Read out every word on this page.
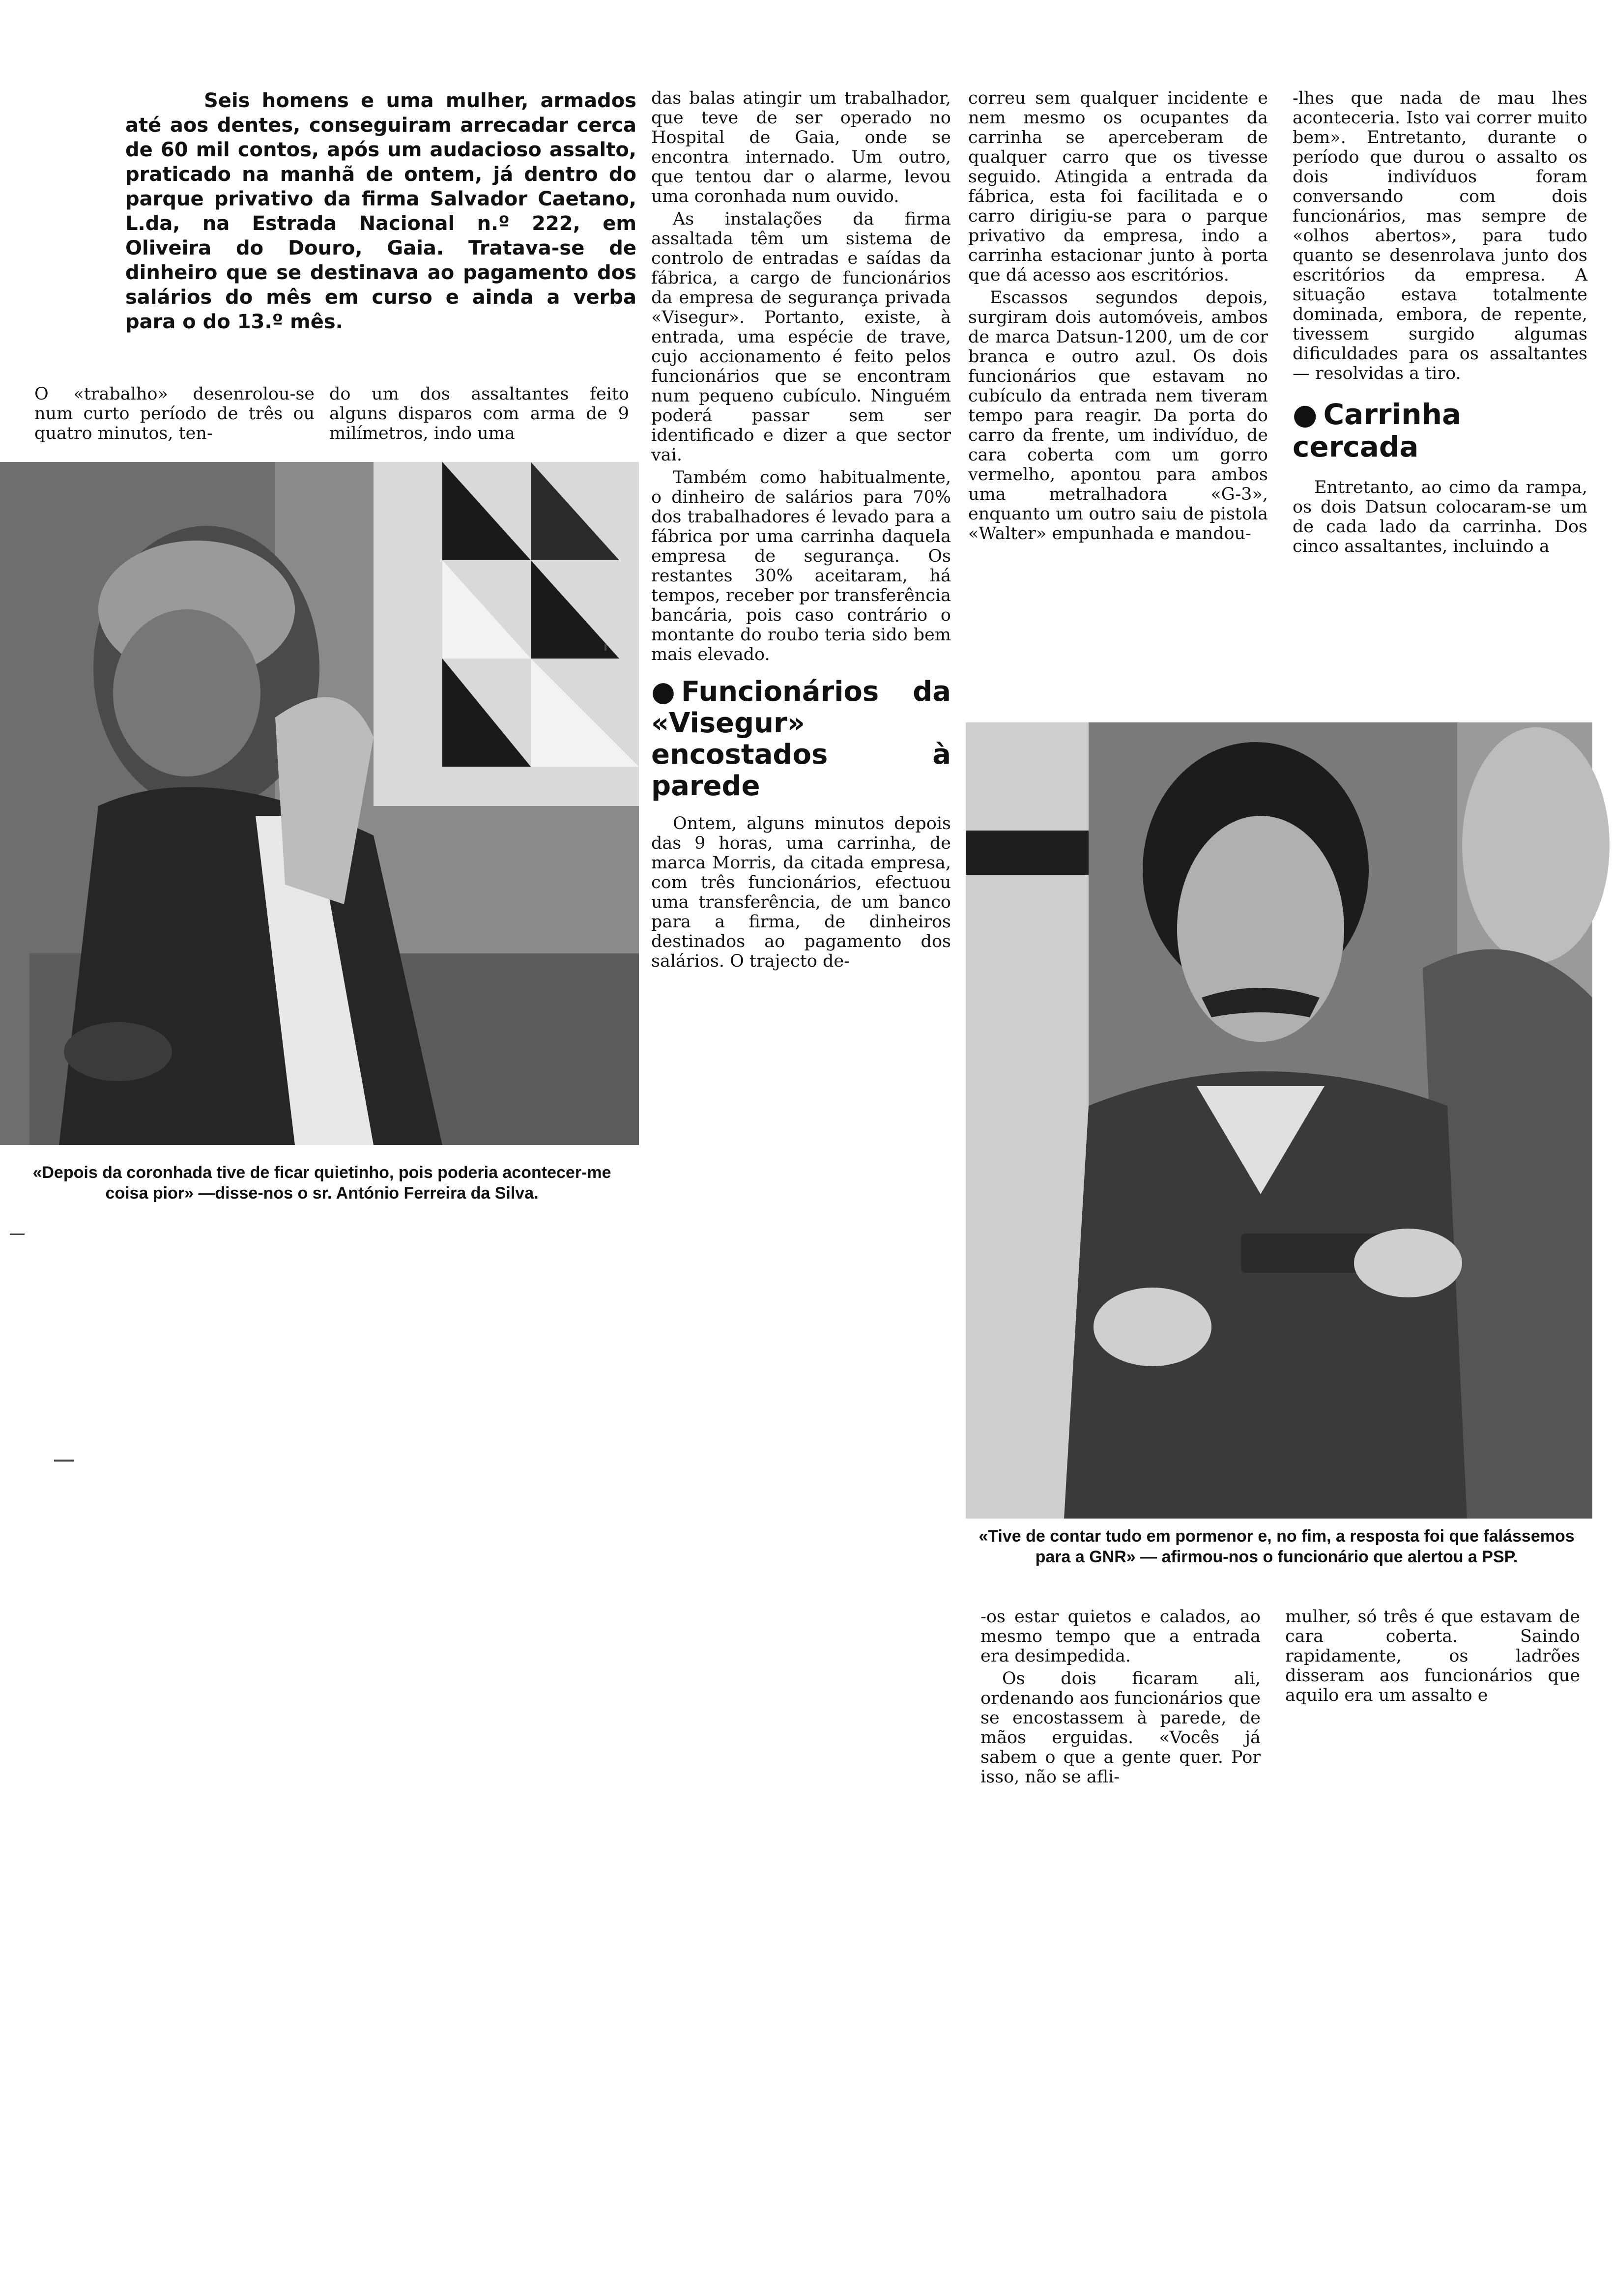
Seis homens e uma mulher, armados até aos dentes, conseguiram arrecadar cerca de 60 mil contos, após um audacioso assalto, praticado na manhã de ontem, já dentro do parque privativo da firma Salvador Caetano, L.da, na Estrada Nacional n.º 222, em Oliveira do Douro, Gaia. Tratava-se de dinheiro que se destinava ao pagamento dos salários do mês em curso e ainda a verba para o do 13.º mês.

O «trabalho» desenrolou-se num curto período de três ou quatro minutos, ten-

do um dos assaltantes feito alguns disparos com arma de 9 milímetros, indo uma

«Depois da coronhada tive de ficar quietinho, pois poderia acontecer-me coisa pior» —disse-nos o sr. António Ferreira da Silva.

das balas atingir um trabalhador, que teve de ser operado no Hospital de Gaia, onde se encontra internado. Um outro, que tentou dar o alarme, levou uma coronhada num ouvido.

As instalações da firma assaltada têm um sistema de controlo de entradas e saídas da fábrica, a cargo de funcionários da empresa de segurança privada «Visegur». Portanto, existe, à entrada, uma espécie de trave, cujo accionamento é feito pelos funcionários que se encontram num pequeno cubículo. Ninguém poderá passar sem ser identificado e dizer a que sector vai.

Também como habitualmente, o dinheiro de salários para 70% dos trabalhadores é levado para a fábrica por uma carrinha daquela empresa de segurança. Os restantes 30% aceitaram, há tempos, receber por transferência bancária, pois caso contrário o montante do roubo teria sido bem mais elevado.

● Funcionários da «Visegur» encostados à parede

Ontem, alguns minutos depois das 9 horas, uma carrinha, de marca Morris, da citada empresa, com três funcionários, efectuou uma transferência, de um banco para a firma, de dinheiros destinados ao pagamento dos salários. O trajecto de-

correu sem qualquer incidente e nem mesmo os ocupantes da carrinha se aperceberam de qualquer carro que os tivesse seguido. Atingida a entrada da fábrica, esta foi facilitada e o carro dirigiu-se para o parque privativo da empresa, indo a carrinha estacionar junto à porta que dá acesso aos escritórios.

Escassos segundos depois, surgiram dois automóveis, ambos de marca Datsun-1200, um de cor branca e outro azul. Os dois funcionários que estavam no cubículo da entrada nem tiveram tempo para reagir. Da porta do carro da frente, um indivíduo, de cara coberta com um gorro vermelho, apontou para ambos uma metralhadora «G-3», enquanto um outro saiu de pistola «Walter» empunhada e mandou-

-lhes que nada de mau lhes aconteceria. Isto vai correr muito bem». Entretanto, durante o período que durou o assalto os dois indivíduos foram conversando com dois funcionários, mas sempre de «olhos abertos», para tudo quanto se desenrolava junto dos escritórios da empresa. A situação estava totalmente dominada, embora, de repente, tivessem surgido algumas dificuldades para os assaltantes — resolvidas a tiro.

● Carrinha cercada

Entretanto, ao cimo da rampa, os dois Datsun colocaram-se um de cada lado da carrinha. Dos cinco assaltantes, incluindo a

«Tive de contar tudo em pormenor e, no fim, a resposta foi que falássemos para a GNR» — afirmou-nos o funcionário que alertou a PSP.

-os estar quietos e calados, ao mesmo tempo que a entrada era desimpedida.

Os dois ficaram ali, ordenando aos funcionários que se encostassem à parede, de mãos erguidas. «Vocês já sabem o que a gente quer. Por isso, não se afli-

mulher, só três é que estavam de cara coberta. Saindo rapidamente, os ladrões disseram aos funcionários que aquilo era um assalto e
